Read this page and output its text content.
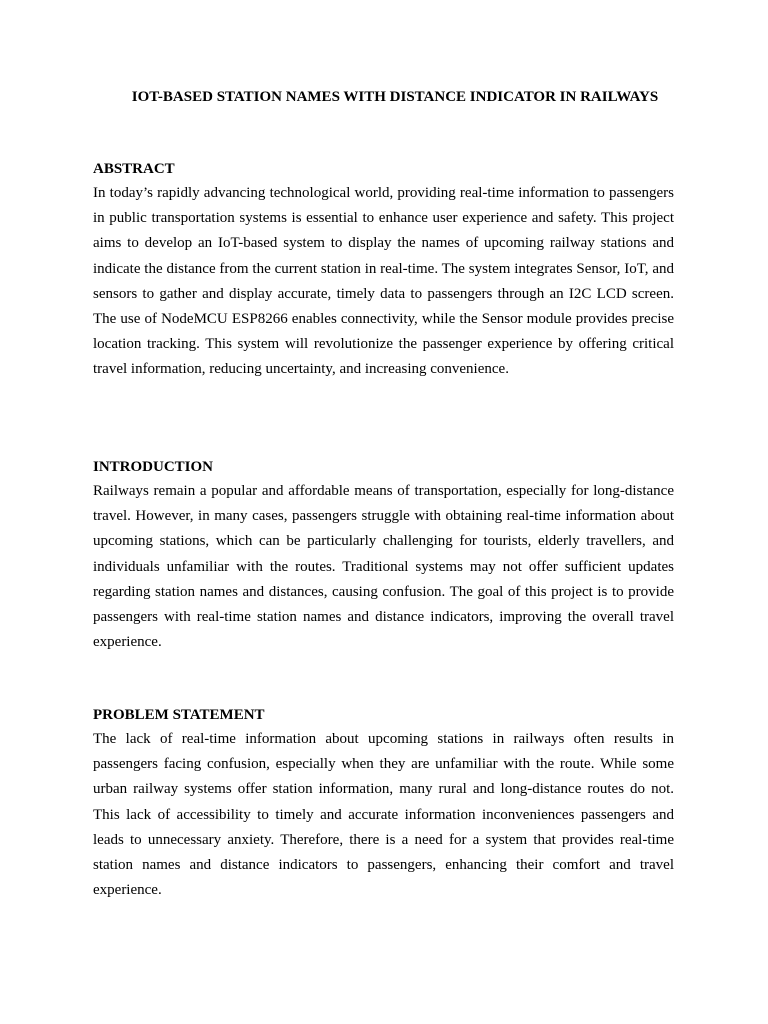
IOT-BASED STATION NAMES WITH DISTANCE INDICATOR IN RAILWAYS
ABSTRACT

In today’s rapidly advancing technological world, providing real-time information to passengers in public transportation systems is essential to enhance user experience and safety. This project aims to develop an IoT-based system to display the names of upcoming railway stations and indicate the distance from the current station in real-time. The system integrates Sensor, IoT, and sensors to gather and display accurate, timely data to passengers through an I2C LCD screen. The use of NodeMCU ESP8266 enables connectivity, while the Sensor module provides precise location tracking. This system will revolutionize the passenger experience by offering critical travel information, reducing uncertainty, and increasing convenience.

INTRODUCTION

Railways remain a popular and affordable means of transportation, especially for long-distance travel. However, in many cases, passengers struggle with obtaining real-time information about upcoming stations, which can be particularly challenging for tourists, elderly travellers, and individuals unfamiliar with the routes. Traditional systems may not offer sufficient updates regarding station names and distances, causing confusion. The goal of this project is to provide passengers with real-time station names and distance indicators, improving the overall travel experience.

PROBLEM STATEMENT

The lack of real-time information about upcoming stations in railways often results in passengers facing confusion, especially when they are unfamiliar with the route. While some urban railway systems offer station information, many rural and long-distance routes do not. This lack of accessibility to timely and accurate information inconveniences passengers and leads to unnecessary anxiety. Therefore, there is a need for a system that provides real-time station names and distance indicators to passengers, enhancing their comfort and travel experience.
